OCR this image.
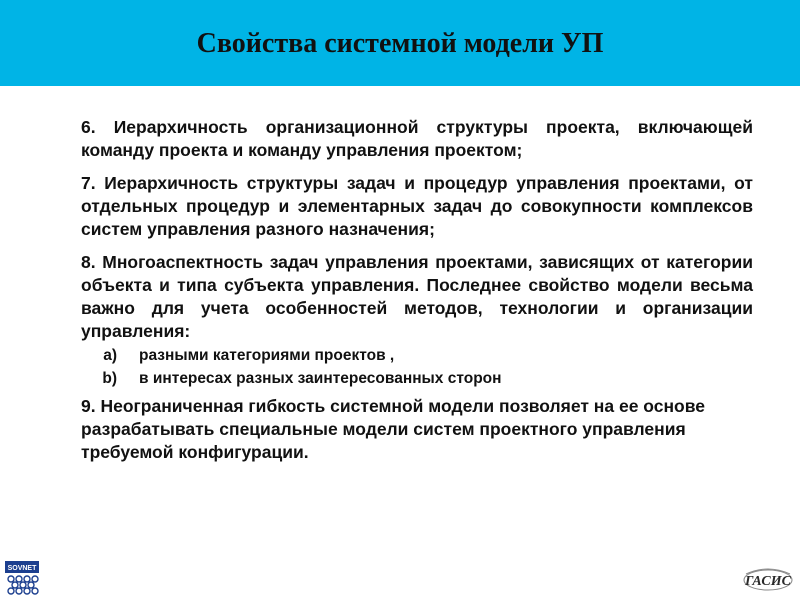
Свойства системной модели УП

6. Иерархичность организационной структуры проекта, включающей команду проекта и команду управления проектом;

7. Иерархичность структуры задач и процедур управления проектами, от отдельных процедур и элементарных задач до совокупности комплексов систем управления разного назначения;

8. Многоаспектность задач управления проектами, зависящих от категории объекта и типа субъекта управления. Последнее свойство модели весьма важно для учета особенностей методов, технологии и организации управления:

a)	разными категориями проектов ,
b)	в интересах разных заинтересованных сторон

9. Неограниченная гибкость системной модели позволяет на ее основе разрабатывать специальные модели систем проектного управления требуемой конфигурации.

SOVNET
ГАСИС
